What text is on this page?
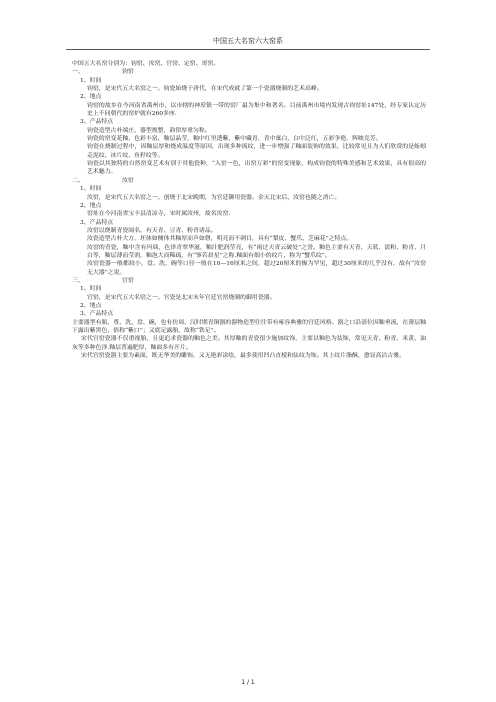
中国五大名窑六大窑系

中国五大名窑分别为：钧窑、汝窑、官窑、定窑、哥窑。

一、	钧窑

1、时间

钧窑，是宋代五大名窑之一。钧瓷始烧于唐代，在宋代成就了第一个瓷器烧制的艺术高峰。

2、地点

钧窑的故乡在今河南省禹州市，以市辖的神垕镇一带的窑厂最为集中和著名。目前禹州市境内发现古钧窑址147处，经专家认定历史上不同朝代的窑炉就有260多座.

3、产品特点

钧瓷造型古朴端庄，器型规整，韵律厚重匀称。

钧瓷的窑变花釉，色彩丰富，釉层晶莹，釉中红里透紫，紫中藏青，青中寓白，白中泛红，五彩争艳，辉映竞芳。

钧瓷在烧制过程中，因釉层厚和烧成温度等原因，出现多种流纹，进一步增强了釉面装饰的效果，比较常见且为人们欣赏的是蚯蚓走泥纹、冰片纹、鱼籽纹等。

钧瓷以其独特的自然窑变艺术有别于其他瓷种，“入窑一色，出窑万彩”的窑变现象，构成钧瓷的特殊美感和艺术效果，具有很高的艺术魅力。

二、	汝窑

1、时间

汝窑，是宋代五大名窑之一。创烧于北宋晚期，为官廷御用瓷器。金灭北宋后，汝窑也随之消亡。

2、地点

窑址在今河南省宝丰县清凉寺，宋时属汝州，故名汝窑.

3、产品特点

汝窑以烧制青瓷闻名，有天青、豆青、粉青诸品。

汝瓷造型古朴大方，坯体如侧体其釉厚而声如磬，明亮而不刺目，具有“梨皮、蟹爪、芝麻花”之特点。

汝窑的青瓷，釉中含有玛瑙，色泽青翠华滋，釉汁肥润莹亮，有“雨过天青云破处”之誉。釉色主要有天青、天蓝、淡粉、粉青、月白等，釉层薄而莹润，釉泡大而稀疏，有“寥若晨星”之称.釉面有细小的纹片，称为“蟹爪纹”。

汝窑瓷器一般都较小，盘、洗、碗等口径一般在10—16厘米之间，超过20厘米的极为罕见，超过30厘米的几乎没有，故有“汝窑无大器”之说。

三、	官窑

1、时间

官窑，是宋代五大名窑之一。官瓷是北宋末年官廷官窑烧制的御用瓷器。

2、地点

3、产品特点

主要器型有瓶、尊、洗、盘、碗，也有仿周、汉时期青铜器的器物造型往往带有雍容典雅的宫廷风格。器之口沿部位因釉垂流，在薄层釉下露出紫黑色，俗称“紫口”；又底足露胎，故称“铁足”。

宋代官窑瓷器不仅重视胎，且更追求瓷器的釉色之美。其厚釉的青瓷很少施加纹饰，主要以釉色为装饰，常见天青、粉青、米黄、油灰等多种色泽.釉层普遍肥厚，釉面多有开片。

宋代官窑瓷器主要为素面，既无华美的雕饰，又无艳彩涂绘，最多使用凹凸直棱和弦纹为饰。其上纹片脂酥，愈显高洁古雅。

1 / 1
